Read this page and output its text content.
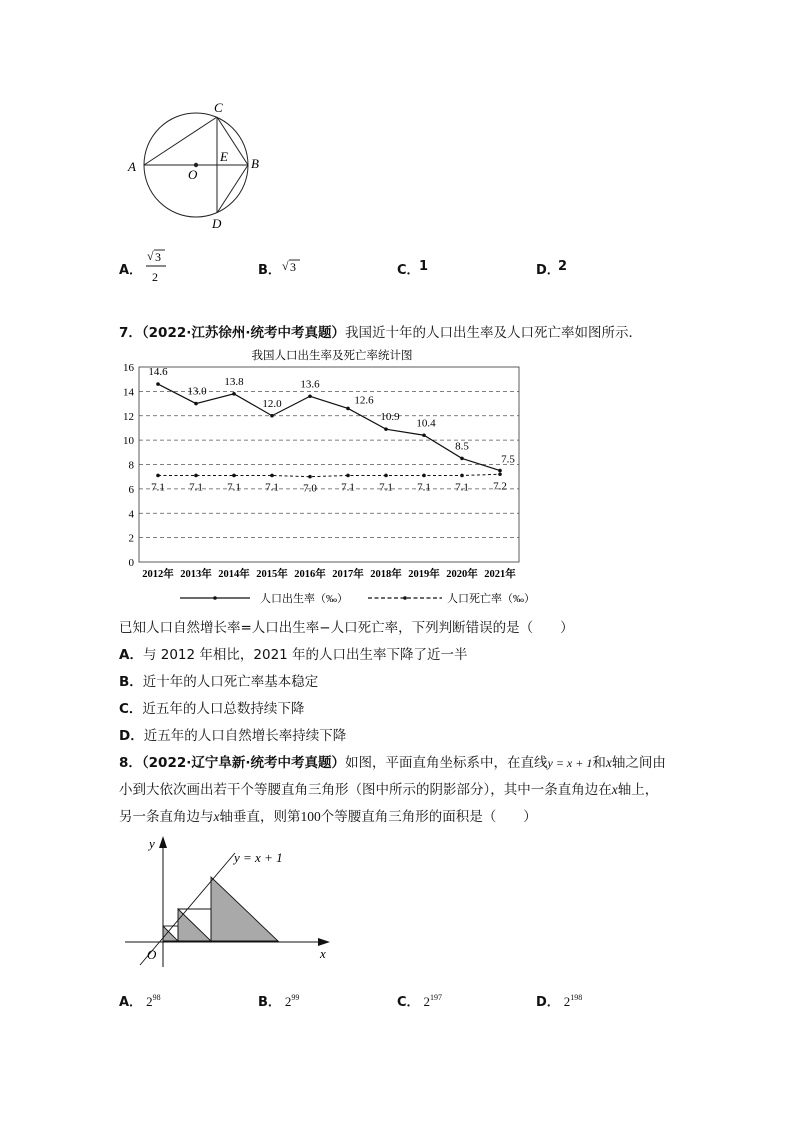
A	B
C
D
E
O
A．
√ 3
2	B． √ 3	C． 1	D．
2
7．（2022·江苏徐州·统考中考真题）我国近十年的人口出生率及人口死亡率如图所示．
我国人口出生率及死亡率统计图
0
2
4
6
8
10
12
14
16
2012年 2013年 2014年 2015年 2016年 2017年 2018年 2019年 2020年 2021年
14.6
13.0
13.8
12.0
13.6
12.6
10.9
10.4
8.5
7.5
7.1 7.1 7.1 7.1 7.0 7.1 7.1 7.1 7.1 7.2
人口出生率（‰）	人口死亡率（‰）
已知人口自然增长率=人口出生率−人口死亡率，下列判断错误的是（　　）
A．与 2012 年相比，2021 年的人口出生率下降了近一半
B．近十年的人口死亡率基本稳定
C．近五年的人口总数持续下降
D．近五年的人口自然增长率持续下降
8．（2022·辽宁阜新·统考中考真题）如图，平面直角坐标系中，在直线y = x + 1和x轴之间由
小到大依次画出若干个等腰直角三角形（图中所示的阴影部分），其中一条直角边在x轴上，
另一条直角边与x轴垂直，则第100个等腰直角三角形的面积是（　　）
y
x
O
y = x + 1
A． $2^{98}$	B． $2^{99}$	C． $2^{197}$	D． $2^{198}$
